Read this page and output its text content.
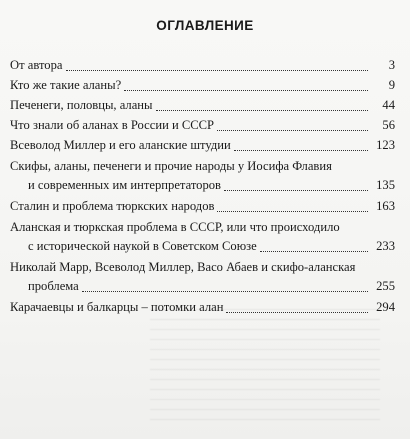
ОГЛАВЛЕНИЕ
От автора	3
Кто же такие аланы?	9
Печенеги, половцы, аланы	44
Что знали об аланах в России и СССР	56
Всеволод Миллер и его аланские штудии	123
Скифы, аланы, печенеги и прочие народы у Иосифа Флавия
и современных им интерпретаторов	135
Сталин и проблема тюркских народов	163
Аланская и тюркская проблема в СССР, или что происходило
с исторической наукой в Советском Союзе	233
Николай Марр, Всеволод Миллер, Васо Абаев и скифо-аланская
проблема	255
Карачаевцы и балкарцы – потомки алан	294
